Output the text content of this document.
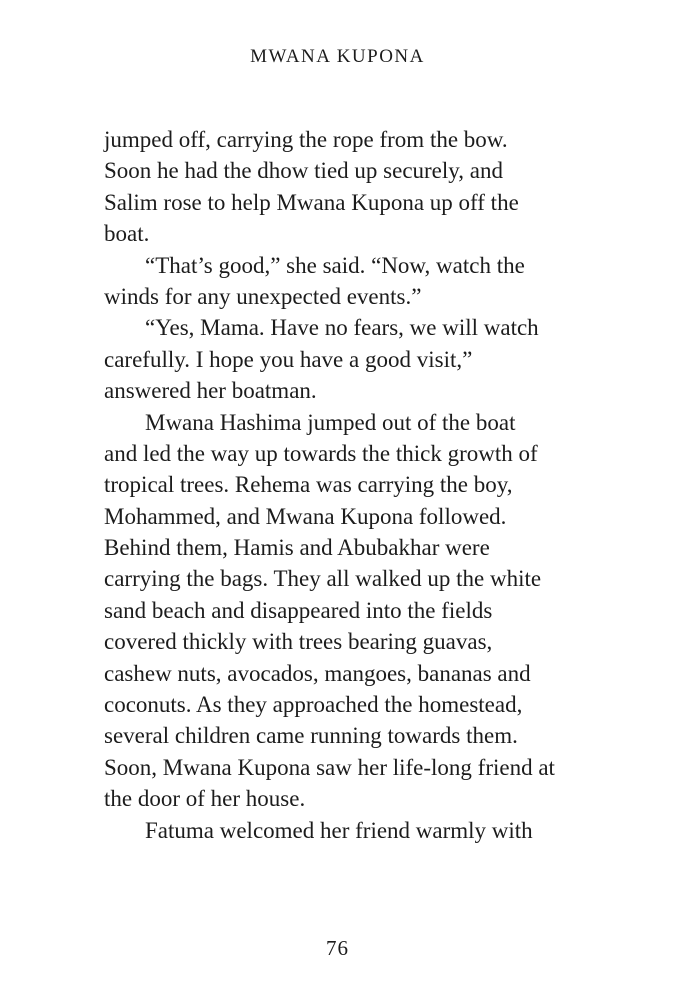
MWANA KUPONA
jumped off, carrying the rope from the bow.
Soon he had the dhow tied up securely, and
Salim rose to help Mwana Kupona up off the
boat.
“That’s good,” she said. “Now, watch the
winds for any unexpected events.”
“Yes, Mama. Have no fears, we will watch
carefully. I hope you have a good visit,”
answered her boatman.
Mwana Hashima jumped out of the boat
and led the way up towards the thick growth of
tropical trees. Rehema was carrying the boy,
Mohammed, and Mwana Kupona followed.
Behind them, Hamis and Abubakhar were
carrying the bags. They all walked up the white
sand beach and disappeared into the fields
covered thickly with trees bearing guavas,
cashew nuts, avocados, mangoes, bananas and
coconuts. As they approached the homestead,
several children came running towards them.
Soon, Mwana Kupona saw her life-long friend at
the door of her house.
Fatuma welcomed her friend warmly with
76
